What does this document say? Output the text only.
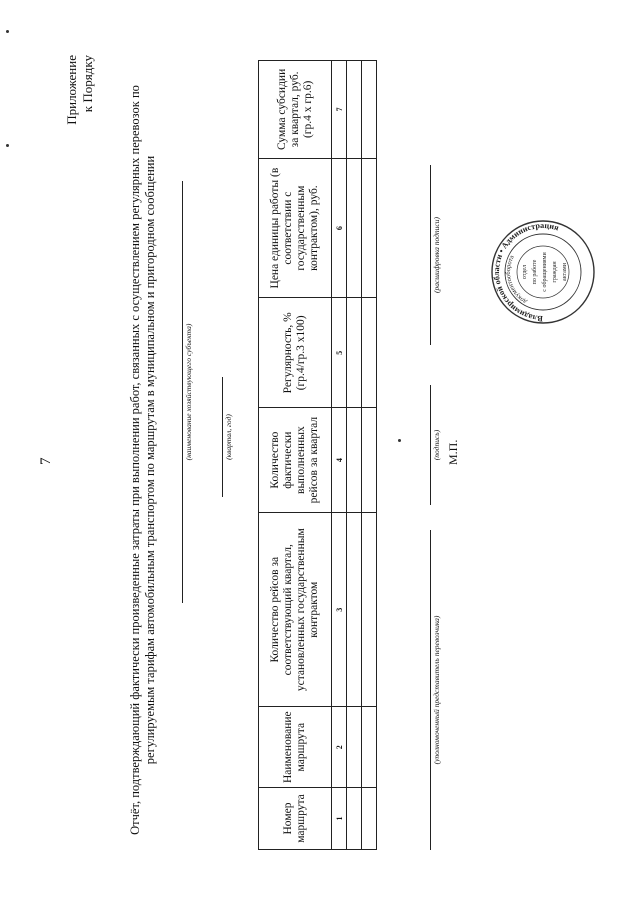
7
Приложение к Порядку
Отчёт, подтверждающий фактически произведенные затраты при выполнении работ, связанных с осуществлением регулярных перевозок по регулируемым тарифам автомобильным транспортом по маршрутам в муниципальном и пригородном сообщении	(наименование хозяйствующего субъекта)	(квартал, год)
Номер маршрута	Наименование маршрута	Количество рейсов за соответствующий квартал, установленных государственным контрактом	Количество фактически выполненных рейсов за квартал	Регулярность, % (гр.4/гр.3 х100)	Цена единицы работы (в соответствии с государственным контрактом), руб.	Сумма субсидии за квартал, руб. (гр.4 х гр.6)
1	2	3	4	5	6	7

(уполномоченный представитель перевозчика)
(подпись)
(расшифровка подписи)
М.П.
Владимирской области • Администрация
документооборота
отдел по работе с обращениями граждан актами
